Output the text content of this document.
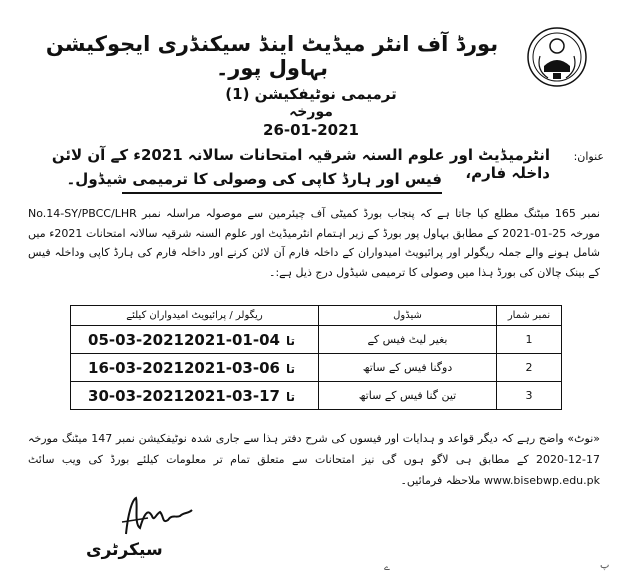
بورڈ آف انٹر میڈیٹ اینڈ سیکنڈری ایجوکیشن بہاول پور۔
ترمیمی نوٹیفکیشن (1)
مورخہ
26-01-2021
عنوان:
انٹرمیڈیٹ اور علوم السنہ شرقیہ امتحانات سالانہ 2021ء کے آن لائن داخلہ فارم،
فیس اور ہارڈ کاپی کی وصولی کا ترمیمی شیڈول۔
نمبر 165 میٹنگ مطلع کیا جاتا ہے کہ پنجاب بورڈ کمیٹی آف چیئرمین سے موصولہ مراسلہ نمبر No.14-SY/PBCC/LHR مورخہ 25-01-2021 کے مطابق بہاول پور بورڈ کے زیر اہتمام انٹرمیڈیٹ اور علوم السنہ شرقیہ سالانہ امتحانات 2021ء میں شامل ہونے والے جملہ ریگولر اور پرائیویٹ امیدواران کے داخلہ فارم آن لائن کرنے اور داخلہ فارم کی ہارڈ کاپی وداخلہ فیس کے بینک چالان کی بورڈ ہذا میں وصولی کا ترمیمی شیڈول درج ذیل ہے:۔
نمبر شمار	شیڈول	ریگولر / پرائیویٹ امیدواران کیلئے
1	بغیر لیٹ فیس کے	05-03-2021 تا04-01-2021
2	دوگنا فیس کے ساتھ	16-03-2021 تا06-03-2021
3	تین گنا فیس کے ساتھ	30-03-2021 تا17-03-2021
«نوٹ» واضح رہے کہ دیگر قواعد و ہدایات اور فیسوں کی شرح دفتر ہذا سے جاری شدہ نوٹیفکیشن نمبر 147 میٹنگ مورخہ 17-12-2020 کے مطابق ہی لاگو ہوں گی نیز امتحانات سے متعلق تمام تر معلومات کیلئے بورڈ کی ویب سائٹ www.bisebwp.edu.pk ملاحظہ فرمائیں۔
سیکرٹری
ے	ﭖ
